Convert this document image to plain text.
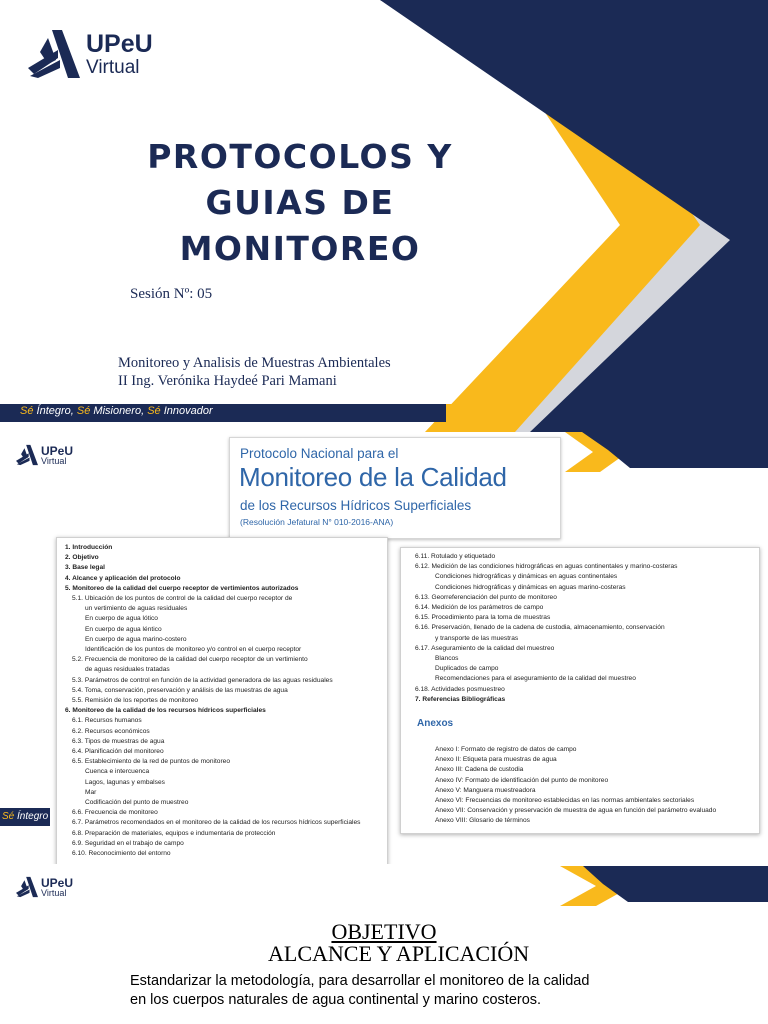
UPeU
Virtual
PROTOCOLOS Y
GUIAS DE
MONITOREO
Sesión Nº: 05
Monitoreo y Analisis de Muestras Ambientales
II Ing. Verónika Haydeé Pari Mamani
Sé Íntegro, Sé Misionero, Sé Innovador
UPeU
Virtual	Protocolo Nacional para el
Monitoreo de la Calidad
de los Recursos Hídricos Superficiales
(Resolución Jefatural N° 010-2016-ANA)
1. Introducción
2. Objetivo
3. Base legal
4. Alcance y aplicación del protocolo
5. Monitoreo de la calidad del cuerpo receptor de vertimientos autorizados
5.1. Ubicación de los puntos de control de la calidad del cuerpo receptor de
un vertimiento de aguas residuales
En cuerpo de agua lótico
En cuerpo de agua léntico
En cuerpo de agua marino-costero
Identificación de los puntos de monitoreo y/o control en el cuerpo receptor
5.2. Frecuencia de monitoreo de la calidad del cuerpo receptor de un vertimiento
de aguas residuales tratadas
5.3. Parámetros de control en función de la actividad generadora de las aguas residuales
5.4. Toma, conservación, preservación y análisis de las muestras de agua
5.5. Remisión de los reportes de monitoreo
6. Monitoreo de la calidad de los recursos hídricos superficiales
6.1. Recursos humanos
6.2. Recursos económicos
6.3. Tipos de muestras de agua
6.4. Planificación del monitoreo
6.5. Establecimiento de la red de puntos de monitoreo
Cuenca e intercuenca
Lagos, lagunas y embalses
Mar
Codificación del punto de muestreo
6.6. Frecuencia de monitoreo
6.7. Parámetros recomendados en el monitoreo de la calidad de los recursos hídricos superficiales
6.8. Preparación de materiales, equipos e indumentaria de protección
6.9. Seguridad en el trabajo de campo
6.10. Reconocimiento del entorno
Anexos
6.11. Rotulado y etiquetado
6.12. Medición de las condiciones hidrográficas en aguas continentales y marino-costeras
Condiciones hidrográficas y dinámicas en aguas continentales
Condiciones hidrográficas y dinámicas en aguas marino-costeras
6.13. Georreferenciación del punto de monitoreo
6.14. Medición de los parámetros de campo
6.15. Procedimiento para la toma de muestras
6.16. Preservación, llenado de la cadena de custodia, almacenamiento, conservación
y transporte de las muestras
6.17. Aseguramiento de la calidad del muestreo
Blancos
Duplicados de campo
Recomendaciones para el aseguramiento de la calidad del muestreo
6.18. Actividades posmuestreo
7. Referencias Bibliográficas
Anexo I: Formato de registro de datos de campo
Anexo II: Etiqueta para muestras de agua
Anexo III: Cadena de custodia
Anexo IV: Formato de identificación del punto de monitoreo
Anexo V: Manguera muestreadora
Anexo VI: Frecuencias de monitoreo establecidas en las normas ambientales sectoriales
Anexo VII: Conservación y preservación de muestra de agua en función del parámetro evaluado
Anexo VIII: Glosario de términos
Sé Íntegro
UPeU
Virtual
OBJETIVO
ALCANCE Y APLICACIÓN
Estandarizar la metodología, para desarrollar el monitoreo de la calidad
en los cuerpos naturales de agua continental y marino costeros.
